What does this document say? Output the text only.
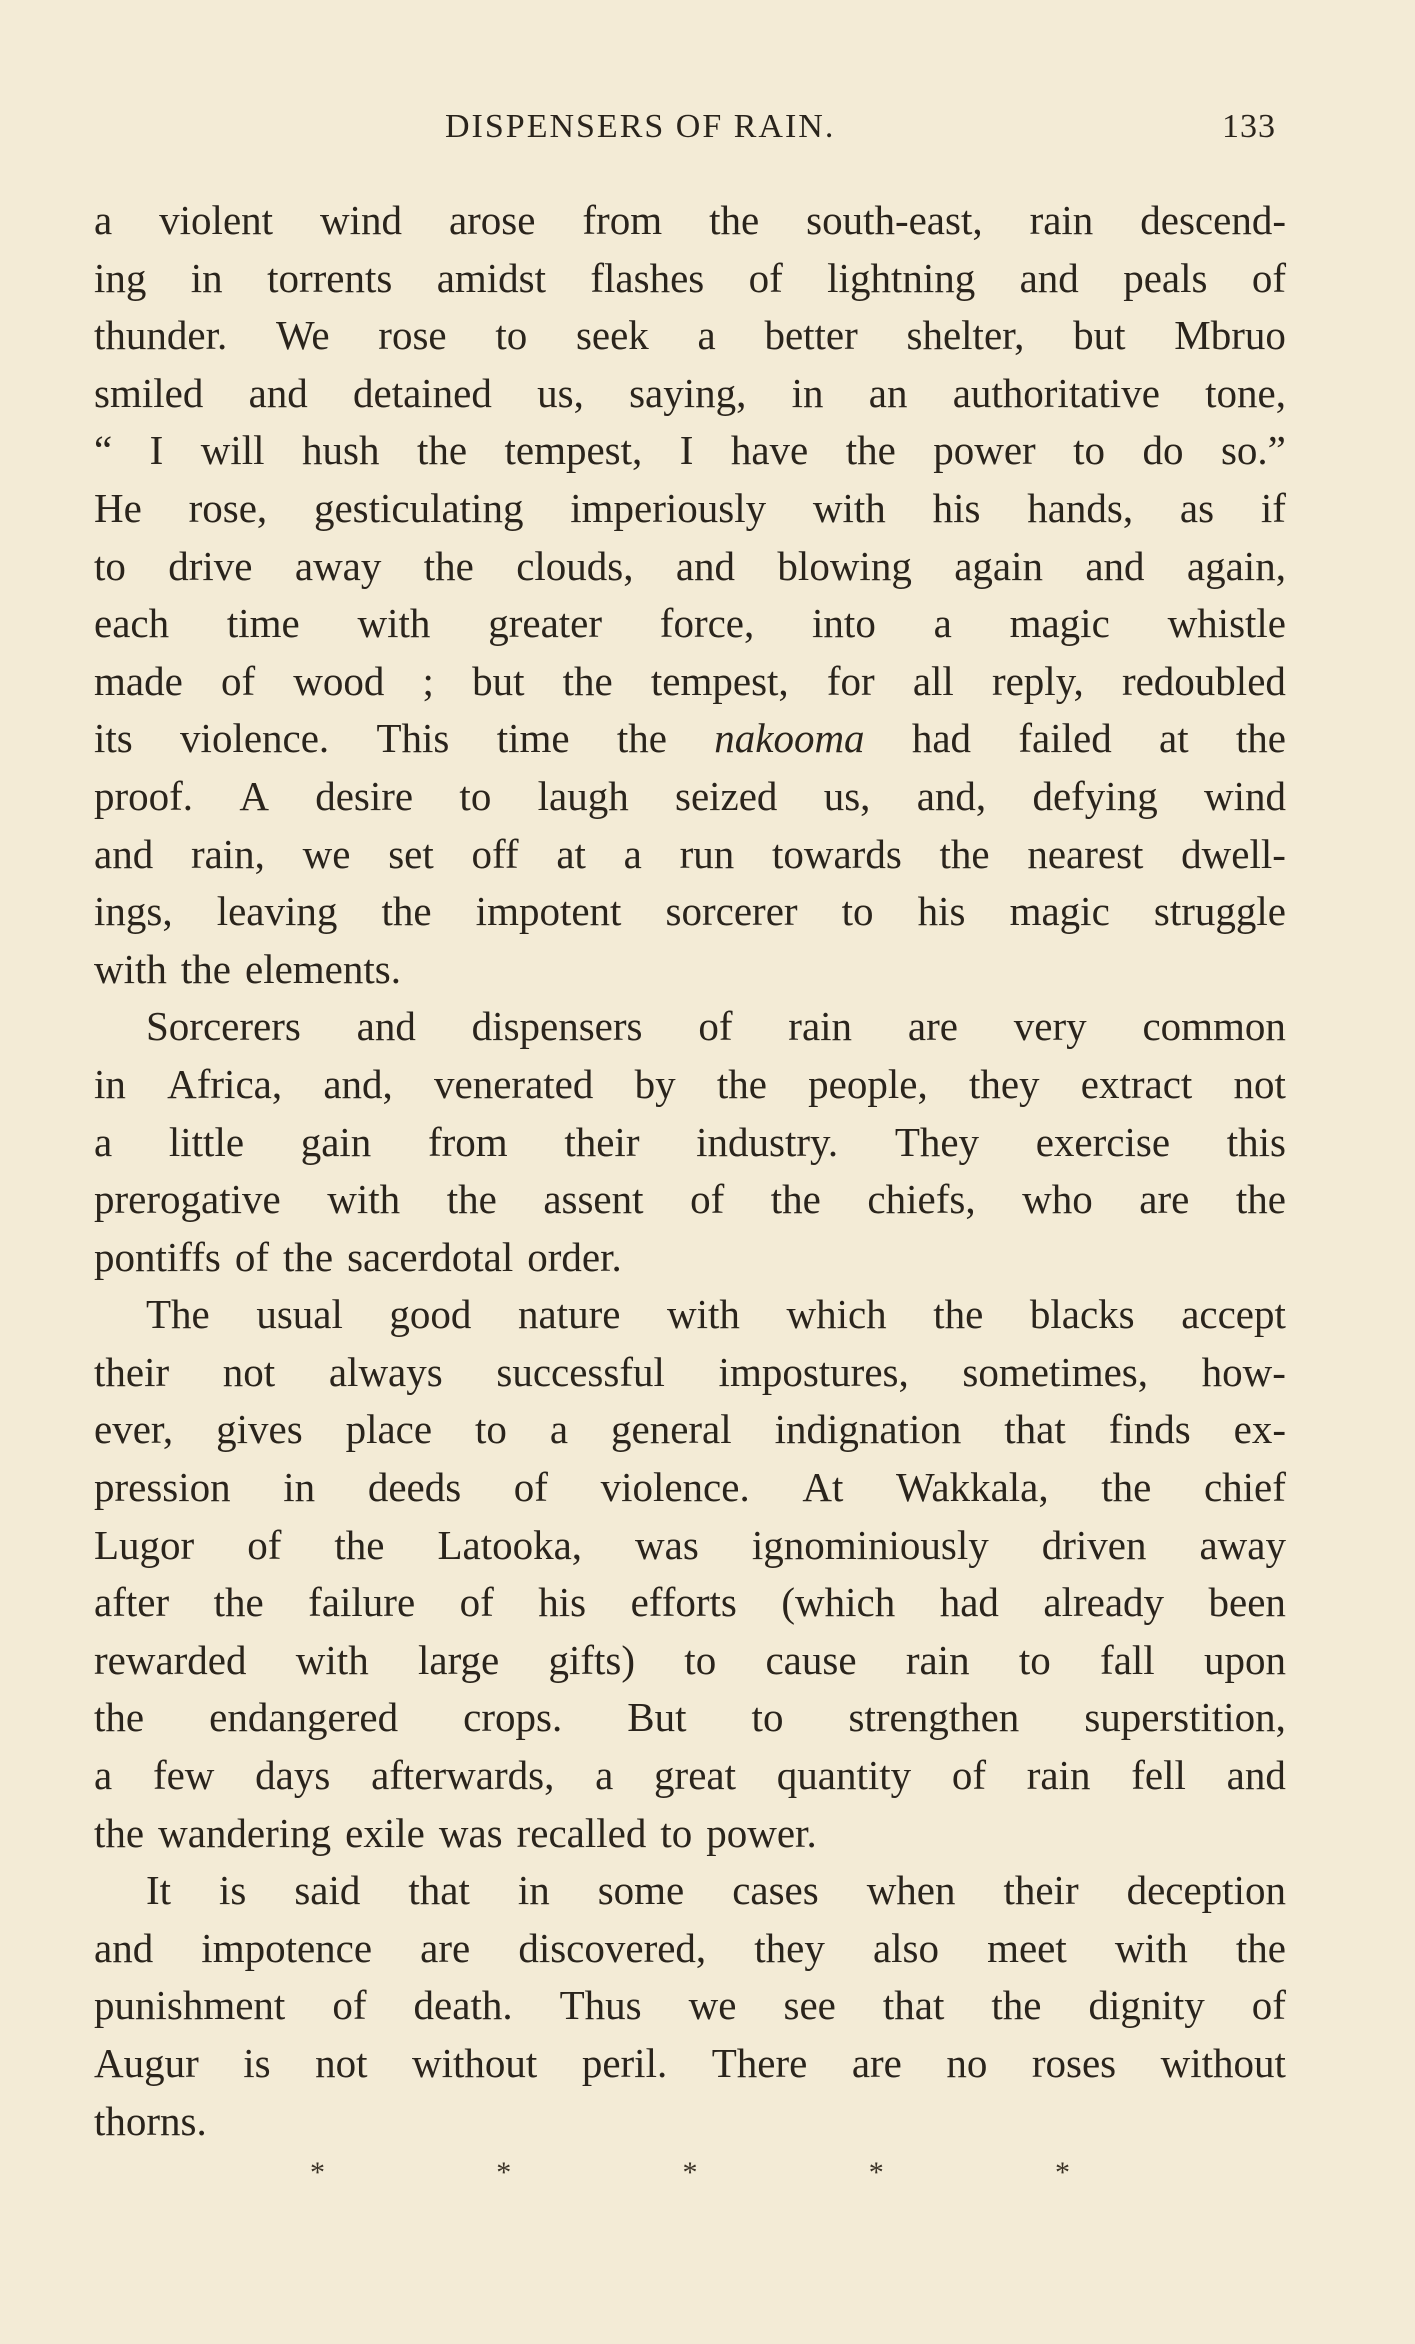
DISPENSERS OF RAIN.	133
a violent wind arose from the south-east, rain descend-
ing in torrents amidst flashes of lightning and peals of
thunder. We rose to seek a better shelter, but Mbruo
smiled and detained us, saying, in an authoritative tone,
“ I will hush the tempest, I have the power to do so.”
He rose, gesticulating imperiously with his hands, as if
to drive away the clouds, and blowing again and again,
each time with greater force, into a magic whistle
made of wood ; but the tempest, for all reply, redoubled
its violence. This time the nakooma had failed at the
proof. A desire to laugh seized us, and, defying wind
and rain, we set off at a run towards the nearest dwell-
ings, leaving the impotent sorcerer to his magic struggle
with the elements.
Sorcerers and dispensers of rain are very common
in Africa, and, venerated by the people, they extract not
a little gain from their industry. They exercise this
prerogative with the assent of the chiefs, who are the
pontiffs of the sacerdotal order.
The usual good nature with which the blacks accept
their not always successful impostures, sometimes, how-
ever, gives place to a general indignation that finds ex-
pression in deeds of violence. At Wakkala, the chief
Lugor of the Latooka, was ignominiously driven away
after the failure of his efforts (which had already been
rewarded with large gifts) to cause rain to fall upon
the endangered crops. But to strengthen superstition,
a few days afterwards, a great quantity of rain fell and
the wandering exile was recalled to power.
It is said that in some cases when their deception
and impotence are discovered, they also meet with the
punishment of death. Thus we see that the dignity of
Augur is not without peril. There are no roses without
thorns.
*	*	*	*	*
